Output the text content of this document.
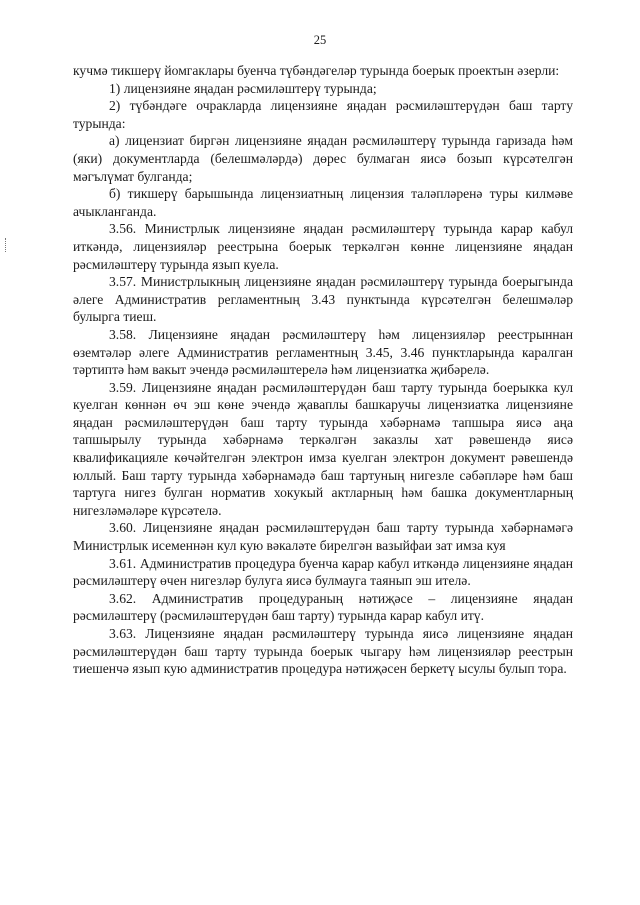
25

кучмә тикшерү йомгаклары буенча түбәндәгеләр турында боерык проектын әзерли:

1) лицензияне яңадан рәсмиләштерү турында;

2) түбәндәге очракларда лицензияне яңадан рәсмиләштерүдән баш тарту турында:

а) лицензиат биргән лицензияне яңадан рәсмиләштерү турында гаризада һәм (яки) документларда (белешмәләрдә) дөрес булмаган яисә бозып күрсәтелгән мәгълүмат булганда;

б) тикшерү барышында лицензиатның лицензия таләпләренә туры килмәве ачыкланганда.

3.56. Министрлык лицензияне яңадан рәсмиләштерү турында карар кабул иткәндә, лицензияләр реестрына боерык теркәлгән көнне лицензияне яңадан рәсмиләштерү турында язып куела.

3.57. Министрлыкның лицензияне яңадан рәсмиләштерү турында боерыгында әлеге Административ регламентның 3.43 пунктында күрсәтелгән белешмәләр булырга тиеш.

3.58. Лицензияне яңадан рәсмиләштерү һәм лицензияләр реестрыннан өземтәләр әлеге Административ регламентның 3.45, 3.46 пунктларында каралган тәртиптә һәм вакыт эчендә рәсмиләштерелә һәм лицензиатка җибәрелә.

3.59. Лицензияне яңадан рәсмиләштерүдән баш тарту турында боерыкка кул куелган көннән өч эш көне эчендә җаваплы башкаручы лицензиатка лицензияне яңадан рәсмиләштерүдән баш тарту турында хәбәрнамә тапшыра яисә аңа тапшырылу турында хәбәрнамә теркәлгән заказлы хат рәвешендә яисә квалификацияле көчәйтелгән электрон имза куелган электрон документ рәвешендә юллый. Баш тарту турында хәбәрнамәдә баш тартуның нигезле сәбәпләре һәм баш тартуга нигез булган норматив хокукый актларның һәм башка документларның нигезләмәләре күрсәтелә.

3.60. Лицензияне яңадан рәсмиләштерүдән баш тарту турында хәбәрнамәгә Министрлык исеменнән кул кую вәкаләте бирелгән вазыйфаи зат имза куя

3.61. Административ процедура буенча карар кабул иткәндә лицензияне яңадан рәсмиләштерү өчен нигезләр булуга яисә булмауга таянып эш ителә.

3.62. Административ процедураның нәтиҗәсе – лицензияне яңадан рәсмиләштерү (рәсмиләштерүдән баш тарту) турында карар кабул итү.

3.63. Лицензияне яңадан рәсмиләштерү турында яисә лицензияне яңадан рәсмиләштерүдән баш тарту турында боерык чыгару һәм лицензияләр реестрын тиешенчә язып кую административ процедура нәтиҗәсен беркетү ысулы булып тора.
